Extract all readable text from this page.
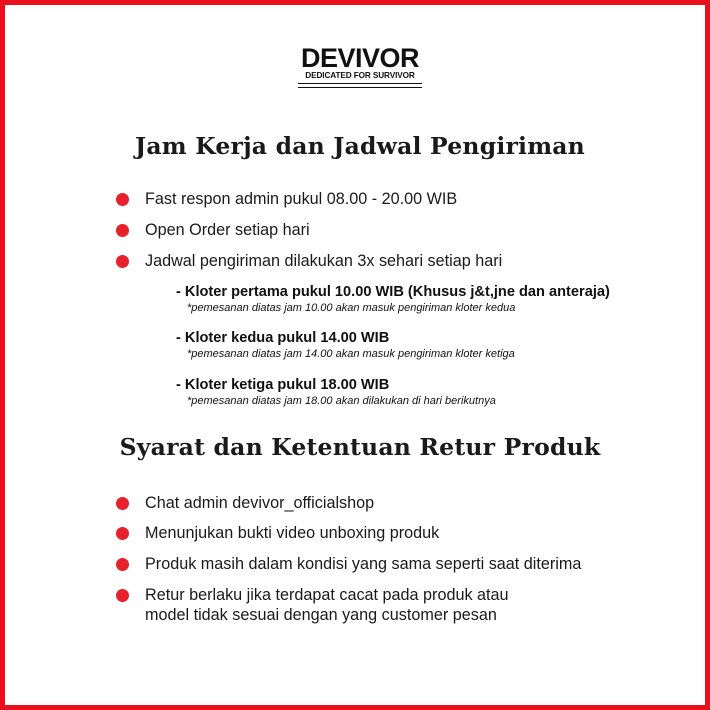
DEVIVOR
DEDICATED FOR SURVIVOR
Jam Kerja dan Jadwal Pengiriman
Fast respon admin pukul 08.00 - 20.00 WIB
Open Order setiap hari
Jadwal pengiriman dilakukan 3x sehari setiap hari
- Kloter pertama pukul 10.00 WIB (Khusus j&t,jne dan anteraja)
*pemesanan diatas jam 10.00 akan masuk pengiriman kloter kedua
- Kloter kedua pukul 14.00 WIB
*pemesanan diatas jam 14.00 akan masuk pengiriman kloter ketiga
- Kloter ketiga pukul 18.00 WIB
*pemesanan diatas jam 18.00 akan dilakukan di hari berikutnya
Syarat dan Ketentuan Retur Produk
Chat admin devivor_officialshop
Menunjukan bukti video unboxing produk
Produk masih dalam kondisi yang sama seperti saat diterima
Retur berlaku jika terdapat cacat pada produk atau
model tidak sesuai dengan yang customer pesan
